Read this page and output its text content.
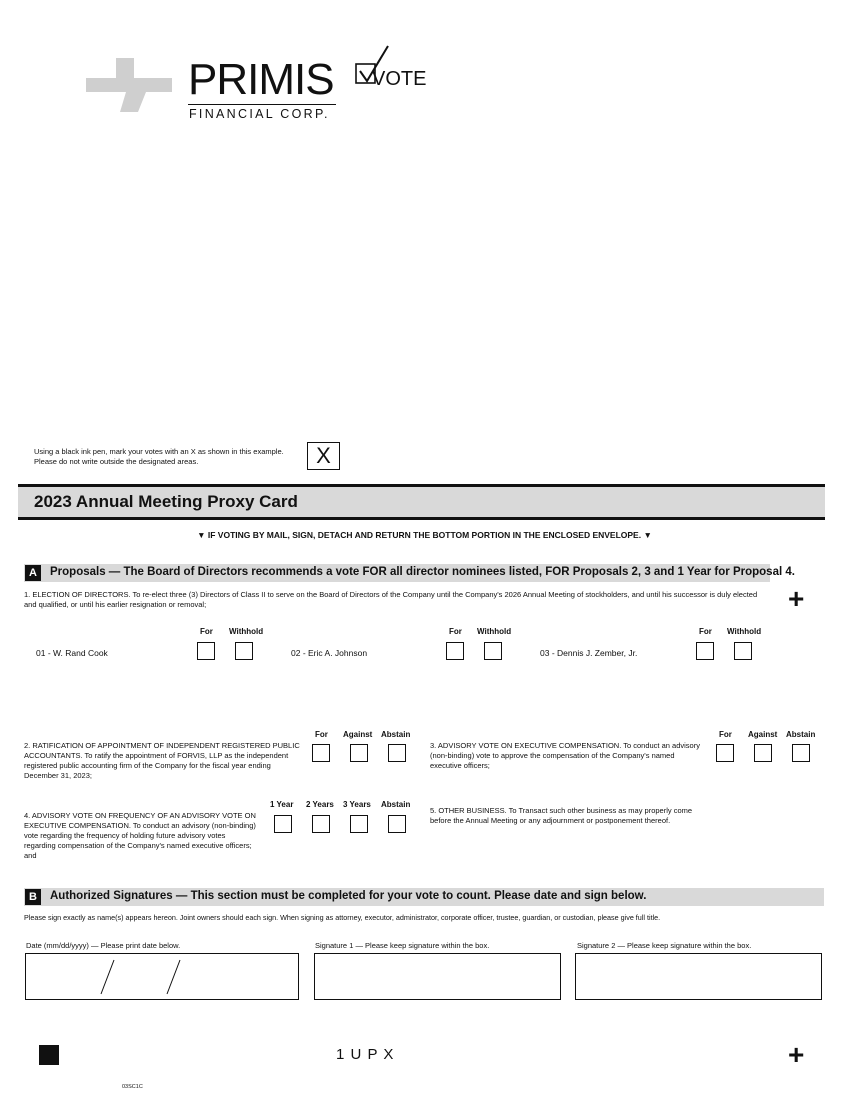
PRIMIS
FINANCIAL CORP.
VOTE
Using a black ink pen, mark your votes with an X as shown in this example.
Please do not write outside the designated areas.	X
2023 Annual Meeting Proxy Card
▼ IF VOTING BY MAIL, SIGN, DETACH AND RETURN THE BOTTOM PORTION IN THE ENCLOSED ENVELOPE. ▼
A	Proposals — The Board of Directors recommends a vote FOR all director nominees listed, FOR Proposals 2, 3 and 1 Year for Proposal 4.
+
1. ELECTION OF DIRECTORS. To re-elect three (3) Directors of Class II to serve on the Board of Directors of the Company until the Company's 2026 Annual Meeting of stockholders, and until his successor is duly elected and qualified, or until his earlier resignation or removal;
For Withhold	For Withhold	For Withhold
01 - W. Rand Cook	02 - Eric A. Johnson	03 - Dennis J. Zember, Jr.
2. RATIFICATION OF APPOINTMENT OF INDEPENDENT REGISTERED PUBLIC ACCOUNTANTS. To ratify the appointment of FORVIS, LLP as the independent registered public accounting firm of the Company for the fiscal year ending December 31, 2023;
For Against Abstain
3. ADVISORY VOTE ON EXECUTIVE COMPENSATION. To conduct an advisory (non-binding) vote to approve the compensation of the Company's named executive officers;
For Against Abstain
4. ADVISORY VOTE ON FREQUENCY OF AN ADVISORY VOTE ON EXECUTIVE COMPENSATION. To conduct an advisory (non-binding) vote regarding the frequency of holding future advisory votes regarding compensation of the Company's named executive officers; and
1 Year 2 Years 3 Years Abstain
5. OTHER BUSINESS. To Transact such other business as may properly come before the Annual Meeting or any adjournment or postponement thereof.
B	Authorized Signatures — This section must be completed for your vote to count. Please date and sign below.
Please sign exactly as name(s) appears hereon. Joint owners should each sign. When signing as attorney, executor, administrator, corporate officer, trustee, guardian, or custodian, please give full title.
Date (mm/dd/yyyy) — Please print date below.	Signature 1 — Please keep signature within the box.	Signature 2 — Please keep signature within the box.
1 U P X	+
03SC1C
